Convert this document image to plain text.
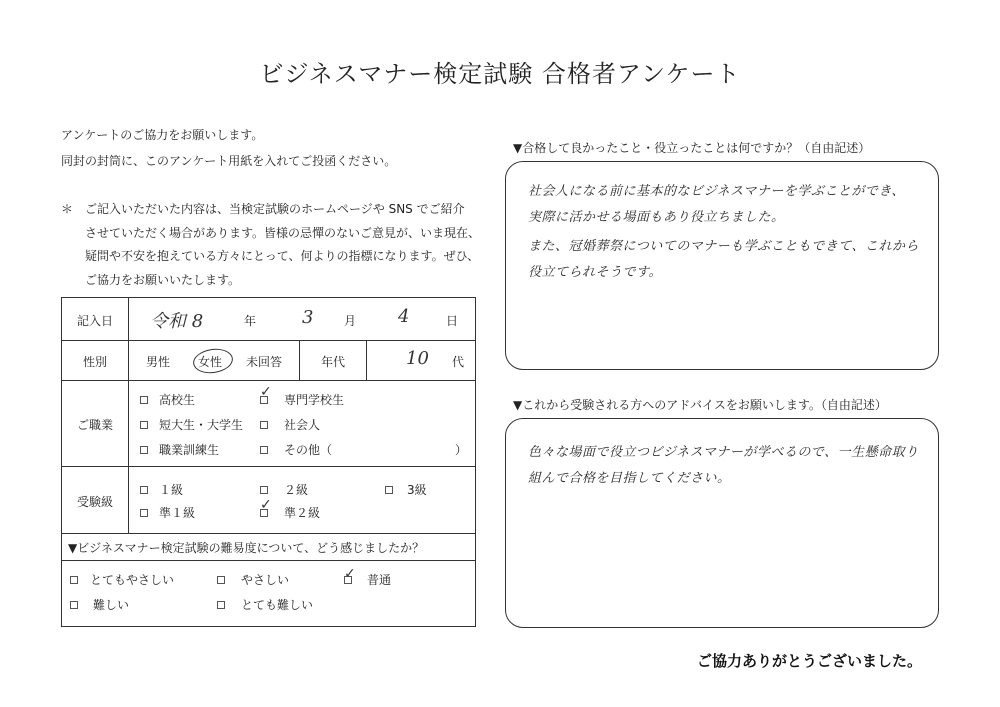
ビジネスマナー検定試験 合格者アンケート
アンケートのご協力をお願いします。
同封の封筒に、このアンケート用紙を入れてご投函ください。
＊ ご記入いただいた内容は、当検定試験のホームページや SNS でご紹介
させていただく場合があります。皆様の忌憚のないご意見が、いま現在、
疑問や不安を抱えている方々にとって、何よりの指標になります。ぜひ、
ご協力をお願いいたします。
記入日	令和 8	年	3	月 4	日
性別	男性 女性 未回答	年代	10 代
ご職業
高校生	✓ 専門学校生
短大生・大学生	社会人
職業訓練生	その他（	）
受験級
１級	２級	3級
準１級	✓ 準２級
▼ビジネスマナー検定試験の難易度について、どう感じましたか？
とてもやさしい	やさしい	✓ 普通
難しい	とても難しい
▼合格して良かったこと・役立ったことは何ですか？（自由記述）
社会人になる前に基本的なビジネスマナーを学ぶことができ、
実際に活かせる場面もあり役立ちました。
また、冠婚葬祭についてのマナーも学ぶこともできて、これから
役立てられそうです。
▼これから受験される方へのアドバイスをお願いします。（自由記述）
色々な場面で役立つビジネスマナーが学べるので、一生懸命取り
組んで合格を目指してください。
ご協力ありがとうございました。
